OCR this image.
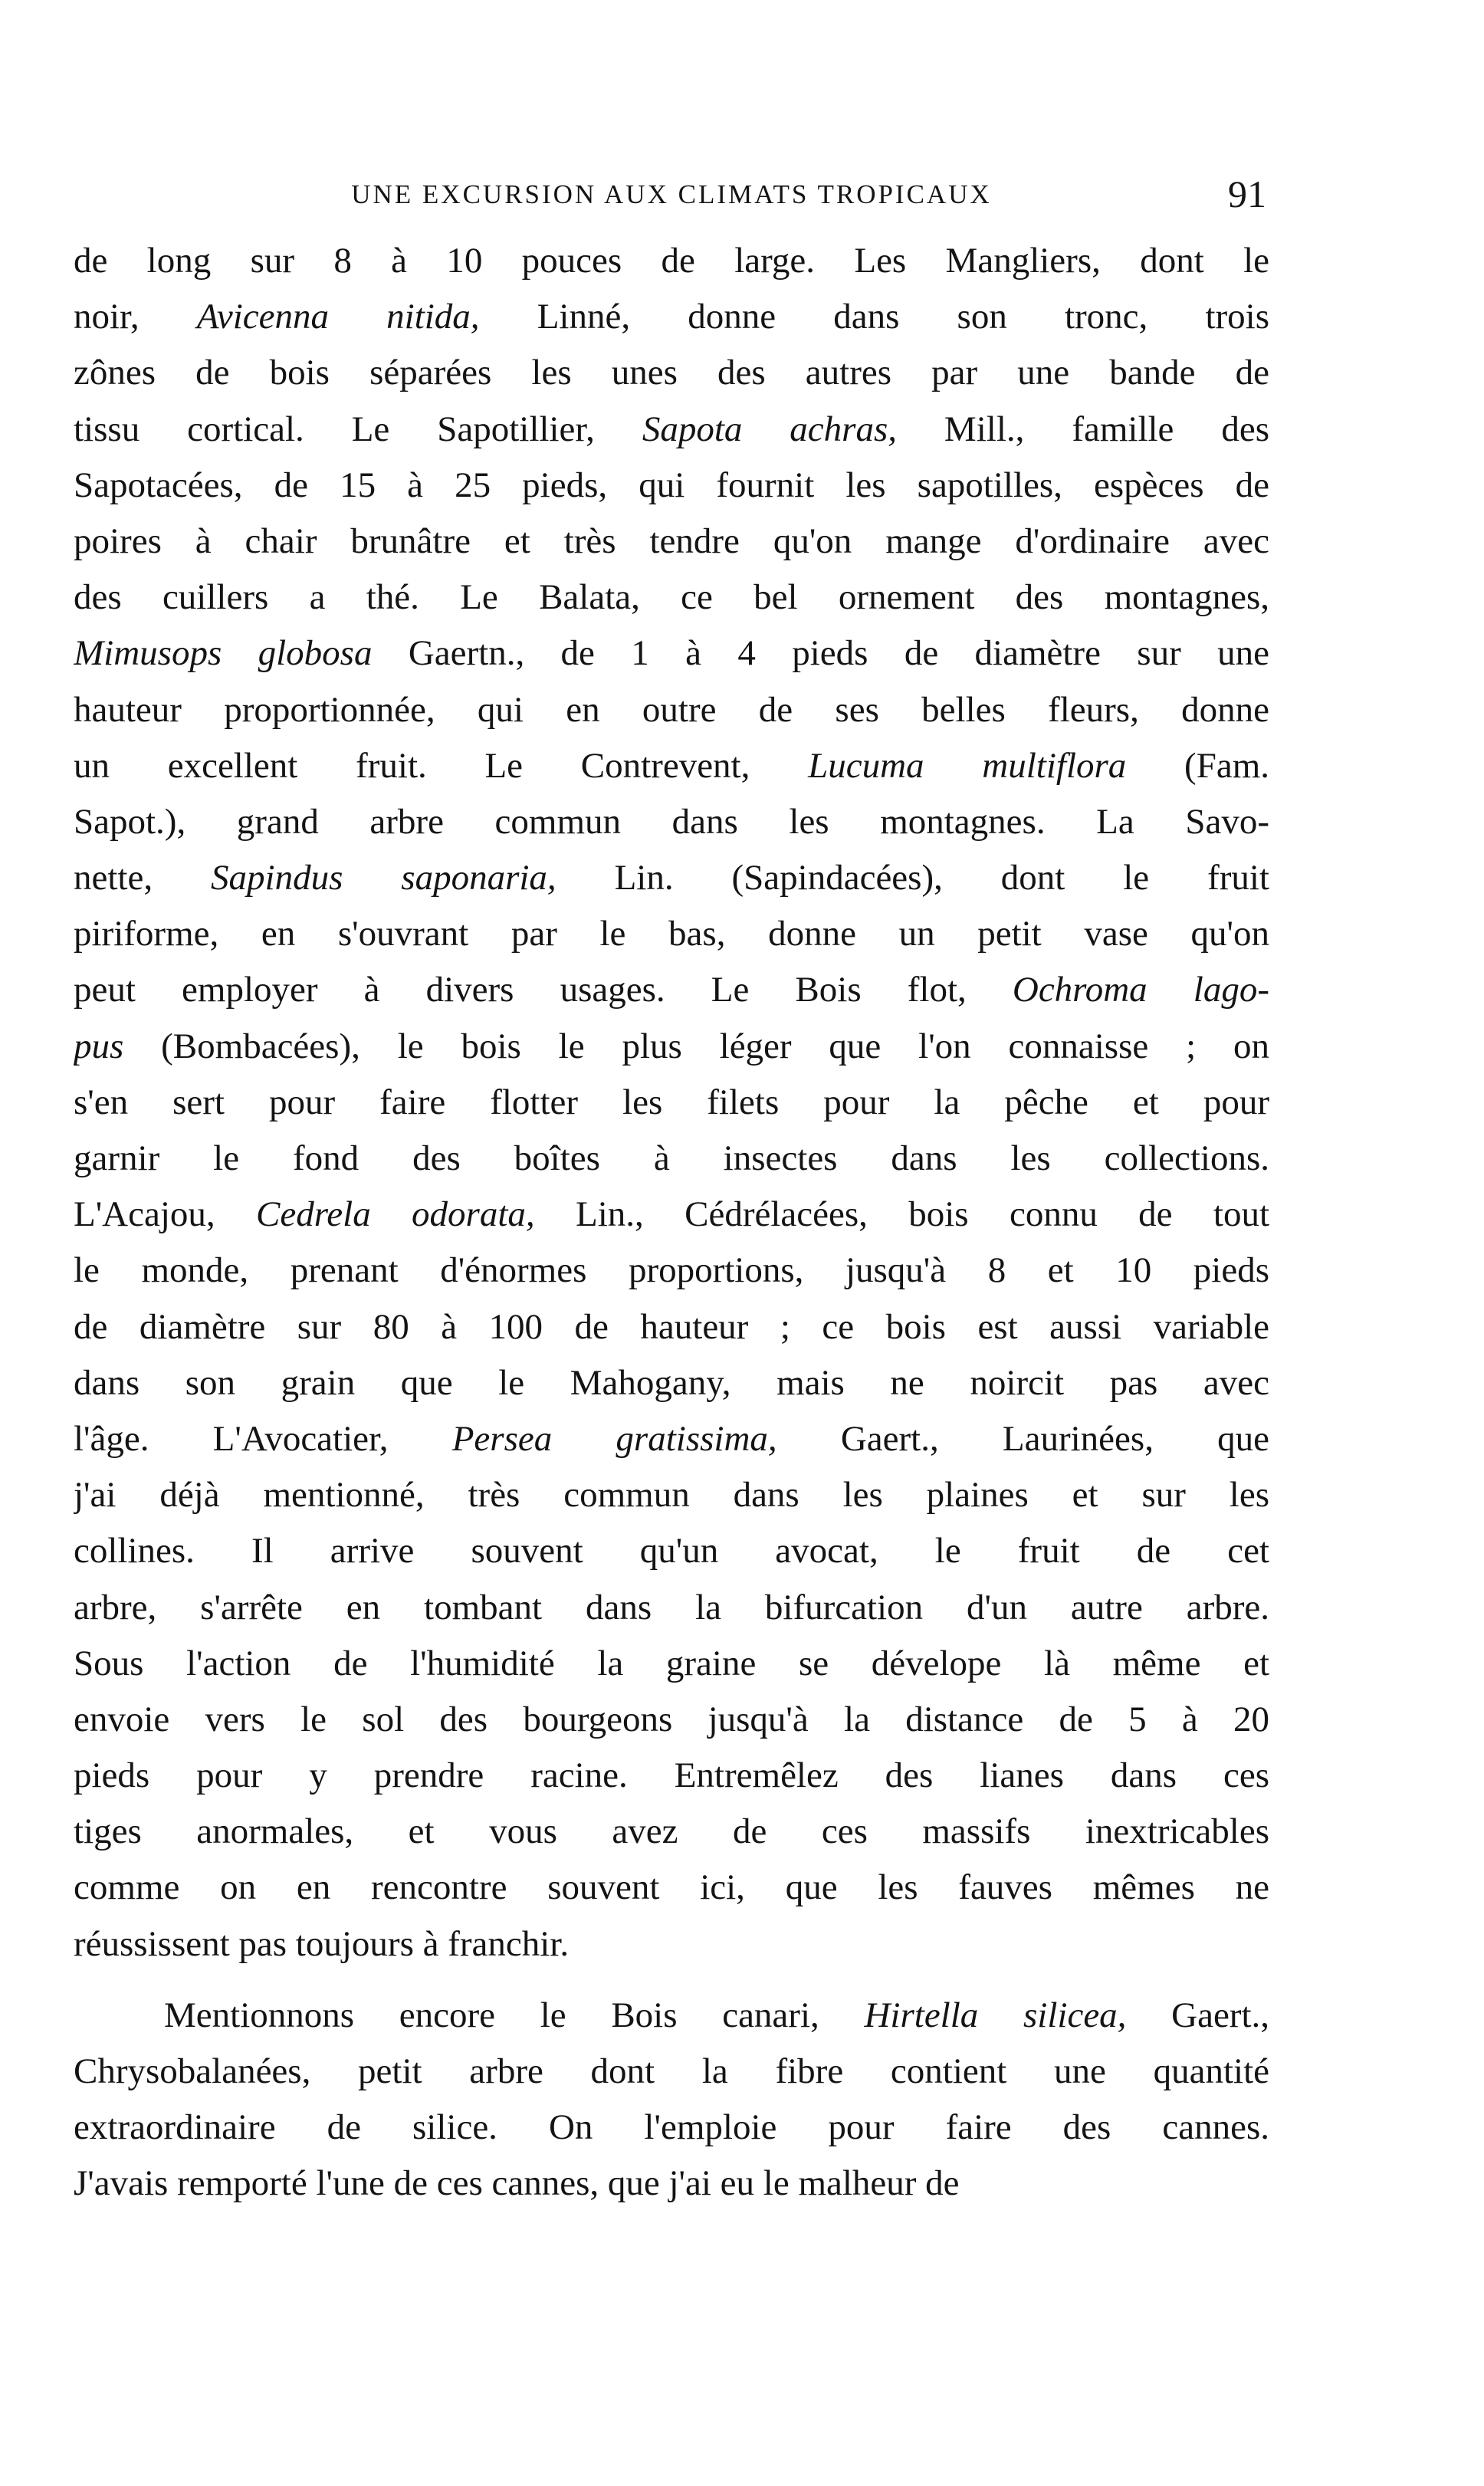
UNE EXCURSION AUX CLIMATS TROPICAUX	91
de long sur 8 à 10 pouces de large. Les Mangliers, dont le
noir, Avicenna nitida, Linné, donne dans son tronc, trois
zônes de bois séparées les unes des autres par une bande de
tissu cortical. Le Sapotillier, Sapota achras, Mill., famille des
Sapotacées, de 15 à 25 pieds, qui fournit les sapotilles, espèces de
poires à chair brunâtre et très tendre qu'on mange d'ordinaire avec
des cuillers a thé. Le Balata, ce bel ornement des montagnes,
Mimusops globosa Gaertn., de 1 à 4 pieds de diamètre sur une
hauteur proportionnée, qui en outre de ses belles fleurs, donne
un excellent fruit. Le Contrevent, Lucuma multiflora (Fam.
Sapot.), grand arbre commun dans les montagnes. La Savo-
nette, Sapindus saponaria, Lin. (Sapindacées), dont le fruit
piriforme, en s'ouvrant par le bas, donne un petit vase qu'on
peut employer à divers usages. Le Bois flot, Ochroma lago-
pus (Bombacées), le bois le plus léger que l'on connaisse ; on
s'en sert pour faire flotter les filets pour la pêche et pour
garnir le fond des boîtes à insectes dans les collections.
L'Acajou, Cedrela odorata, Lin., Cédrélacées, bois connu de tout
le monde, prenant d'énormes proportions, jusqu'à 8 et 10 pieds
de diamètre sur 80 à 100 de hauteur ; ce bois est aussi variable
dans son grain que le Mahogany, mais ne noircit pas avec
l'âge. L'Avocatier, Persea gratissima, Gaert., Laurinées, que
j'ai déjà mentionné, très commun dans les plaines et sur les
collines. Il arrive souvent qu'un avocat, le fruit de cet
arbre, s'arrête en tombant dans la bifurcation d'un autre arbre.
Sous l'action de l'humidité la graine se dévelope là même et
envoie vers le sol des bourgeons jusqu'à la distance de 5 à 20
pieds pour y prendre racine. Entremêlez des lianes dans ces
tiges anormales, et vous avez de ces massifs inextricables
comme on en rencontre souvent ici, que les fauves mêmes ne
réussissent pas toujours à franchir.
Mentionnons encore le Bois canari, Hirtella silicea, Gaert.,
Chrysobalanées, petit arbre dont la fibre contient une quantité
extraordinaire de silice. On l'emploie pour faire des cannes.
J'avais remporté l'une de ces cannes, que j'ai eu le malheur de
